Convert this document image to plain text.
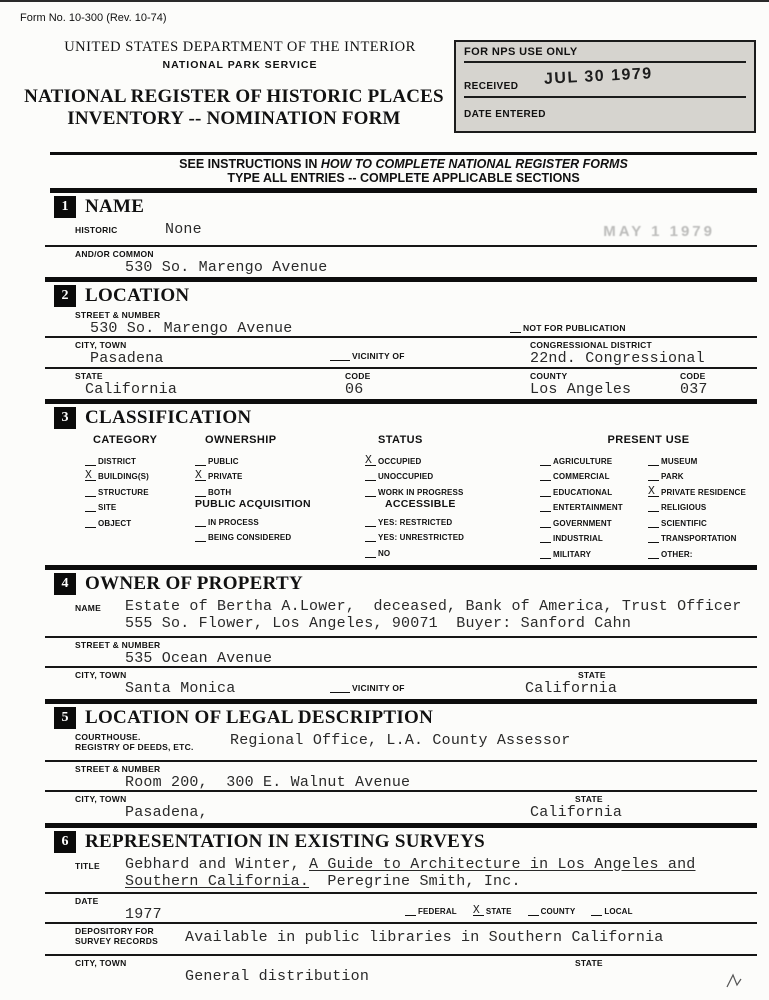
Form No. 10-300 (Rev. 10-74)
UNITED STATES DEPARTMENT OF THE INTERIOR
NATIONAL PARK SERVICE
FOR NPS USE ONLY
RECEIVED JUL 30 1979
DATE ENTERED
NATIONAL REGISTER OF HISTORIC PLACES
INVENTORY -- NOMINATION FORM
SEE INSTRUCTIONS IN HOW TO COMPLETE NATIONAL REGISTER FORMS
TYPE ALL ENTRIES -- COMPLETE APPLICABLE SECTIONS
1 NAME
HISTORIC	None	MAY 1 1979
AND/OR COMMON
530 So. Marengo Avenue
2 LOCATION
STREET & NUMBER
530 So. Marengo Avenue	NOT FOR PUBLICATION
CITY, TOWN
Pasadena	VICINITY OF
CONGRESSIONAL DISTRICT
22nd. Congressional
STATE
California
CODE
06
COUNTY
Los Angeles
CODE
037
3 CLASSIFICATION
CATEGORY
DISTRICT
X BUILDING(S)
STRUCTURE
SITE
OBJECT
OWNERSHIP
PUBLIC
X PRIVATE
BOTH
PUBLIC ACQUISITION
IN PROCESS
BEING CONSIDERED
STATUS
X OCCUPIED
UNOCCUPIED
WORK IN PROGRESS
ACCESSIBLE
YES: RESTRICTED
YES: UNRESTRICTED
NO
PRESENT USE
AGRICULTURE
COMMERCIAL
EDUCATIONAL
ENTERTAINMENT
GOVERNMENT
INDUSTRIAL
MILITARY
MUSEUM
PARK
X PRIVATE RESIDENCE
RELIGIOUS
SCIENTIFIC
TRANSPORTATION
OTHER:
4 OWNER OF PROPERTY
NAME	Estate of Bertha A.Lower,  deceased, Bank of America, Trust Officer
555 So. Flower, Los Angeles, 90071  Buyer: Sanford Cahn
STREET & NUMBER
535 Ocean Avenue
CITY, TOWN
Santa Monica	VICINITY OF
STATE
California
5 LOCATION OF LEGAL DESCRIPTION
COURTHOUSE.
REGISTRY OF DEEDS, ETC.	Regional Office, L.A. County Assessor
STREET & NUMBER
Room 200,  300 E. Walnut Avenue
CITY, TOWN
Pasadena,
STATE
California
6 REPRESENTATION IN EXISTING SURVEYS
TITLE	Gebhard and Winter, A Guide to Architecture in Los Angeles and
Southern California.  Peregrine Smith, Inc.
DATE
1977	FEDERAL X STATE	COUNTY	LOCAL
DEPOSITORY FOR
SURVEY RECORDS	Available in public libraries in Southern California
CITY, TOWN
General distribution
STATE
